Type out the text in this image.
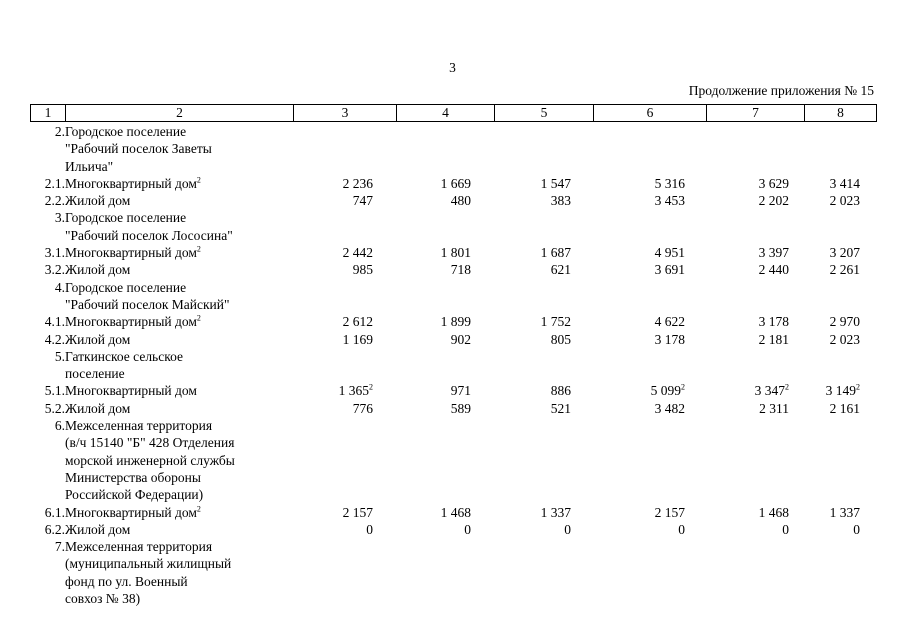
3
Продолжение приложения № 15
1	2	3	4	5	6	7	8
2.	Городское поселение
"Рабочий поселок Заветы
Ильича"							

2.1.	Многоквартирный дом$^2$	2 236	1 669	1 547	5 316	3 629	3 414	
2.2.	Жилой дом	747	480	383	3 453	2 202	2 023	
3.	Городское поселение
"Рабочий поселок Лососина"							

3.1.	Многоквартирный дом$^2$	2 442	1 801	1 687	4 951	3 397	3 207	
3.2.	Жилой дом	985	718	621	3 691	2 440	2 261	
4.	Городское поселение
"Рабочий поселок Майский"							

4.1.	Многоквартирный дом$^2$	2 612	1 899	1 752	4 622	3 178	2 970	
4.2.	Жилой дом	1 169	902	805	3 178	2 181	2 023	
5.	Гаткинское сельское
поселение							

5.1.	Многоквартирный дом	1 $365^2$	971	886	5 $099^2$	3 $347^2$	3 $149^2$	
5.2.	Жилой дом	776	589	521	3 482	2 311	2 161	
6.	Межселенная территория
(в/ч 15140 "Б" 428 Отделения
морской инженерной службы
Министерства обороны
Российской Федерации)							

6.1.	Многоквартирный дом$^2$	2 157	1 468	1 337	2 157	1 468	1 337	
6.2.	Жилой дом	0	0	0	0	0	0	
7.	Межселенная территория
(муниципальный жилищный
фонд по ул. Военный
совхоз № 38)							
